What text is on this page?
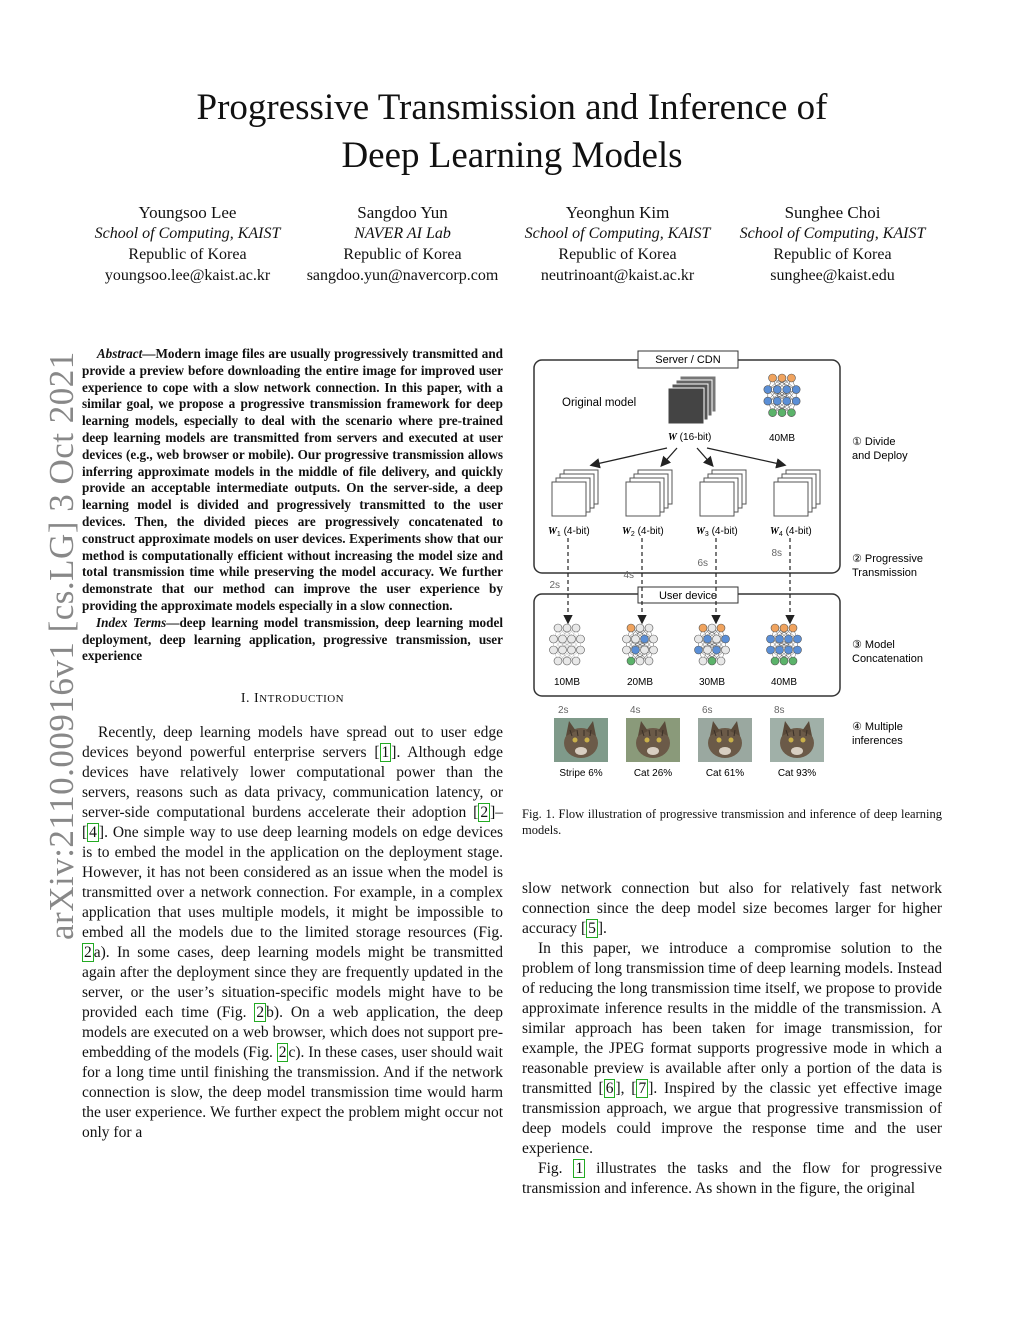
arXiv:2110.00916v1 [cs.LG] 3 Oct 2021
Progressive Transmission and Inference of
Deep Learning Models
Youngsoo Lee
School of Computing, KAIST
Republic of Korea
youngsoo.lee@kaist.ac.kr
Sangdoo Yun
NAVER AI Lab
Republic of Korea
sangdoo.yun@navercorp.com
Yeonghun Kim
School of Computing, KAIST
Republic of Korea
neutrinoant@kaist.ac.kr
Sunghee Choi
School of Computing, KAIST
Republic of Korea
sunghee@kaist.edu

Abstract—Modern image files are usually progressively transmitted and provide a preview before downloading the entire image for improved user experience to cope with a slow network connection. In this paper, with a similar goal, we propose a progressive transmission framework for deep learning models, especially to deal with the scenario where pre-trained deep learning models are transmitted from servers and executed at user devices (e.g., web browser or mobile). Our progressive transmission allows inferring approximate models in the middle of file delivery, and quickly provide an acceptable intermediate outputs. On the server-side, a deep learning model is divided and progressively transmitted to the user devices. Then, the divided pieces are progressively concatenated to construct approximate models on user devices. Experiments show that our method is computationally efficient without increasing the model size and total transmission time while preserving the model accuracy. We further demonstrate that our method can improve the user experience by providing the approximate models especially in a slow connection.

Index Terms—deep learning model transmission, deep learning model deployment, deep learning application, progressive transmission, user experience

I. INTRODUCTION

Recently, deep learning models have spread out to user edge devices beyond powerful enterprise servers [ 1 ]. Although edge devices have relatively lower computational power than the servers, reasons such as data privacy, communication latency, or server-side computational burdens accelerate their adoption [ 2 ]–[ 4 ]. One simple way to use deep learning models on edge devices is to embed the model in the application on the deployment stage. However, it has not been considered as an issue when the model is transmitted over a network connection. For example, in a complex application that uses multiple models, it might be impossible to embed all the models due to the limited storage resources (Fig. 2 a). In some cases, deep learning models might be transmitted again after the deployment since they are frequently updated in the server, or the user’s situation-specific models might have to be provided each time (Fig. 2 b). On a web application, the deep models are executed on a web browser, which does not support pre-embedding of the models (Fig. 2 c). In these cases, user should wait for a long time until finishing the transmission. And if the network connection is slow, the deep model transmission time would harm the user experience. We further expect the problem might occur not only for a

Server / CDN
Original model
W (16-bit)	40MB	① Divide and Deploy
② Progressive Transmission
③ Model Concatenation
④ Multiple inferences
$W_1$ (4-bit)	$W_2$ (4-bit)	$W_3$ (4-bit)	$W_4$ (4-bit)
User device
2s
4s
6s
8s
10MB	20MB	30MB	40MB
2s
Stripe 6%
4s
Cat 26%
6s
Cat 61%
8s
Cat 93%
Fig. 1. Flow illustration of progressive transmission and inference of deep learning models.

slow network connection but also for relatively fast network connection since the deep model size becomes larger for higher accuracy [ 5 ].

In this paper, we introduce a compromise solution to the problem of long transmission time of deep learning models. Instead of reducing the long transmission time itself, we propose to provide approximate inference results in the middle of the transmission. A similar approach has been taken for image transmission, for example, the JPEG format supports progressive mode in which a reasonable preview is available after only a portion of the data is transmitted [ 6 ], [ 7 ]. Inspired by the classic yet effective image transmission approach, we argue that progressive transmission of deep models could improve the response time and the user experience.

Fig. 1 illustrates the tasks and the flow for progressive transmission and inference. As shown in the figure, the original
